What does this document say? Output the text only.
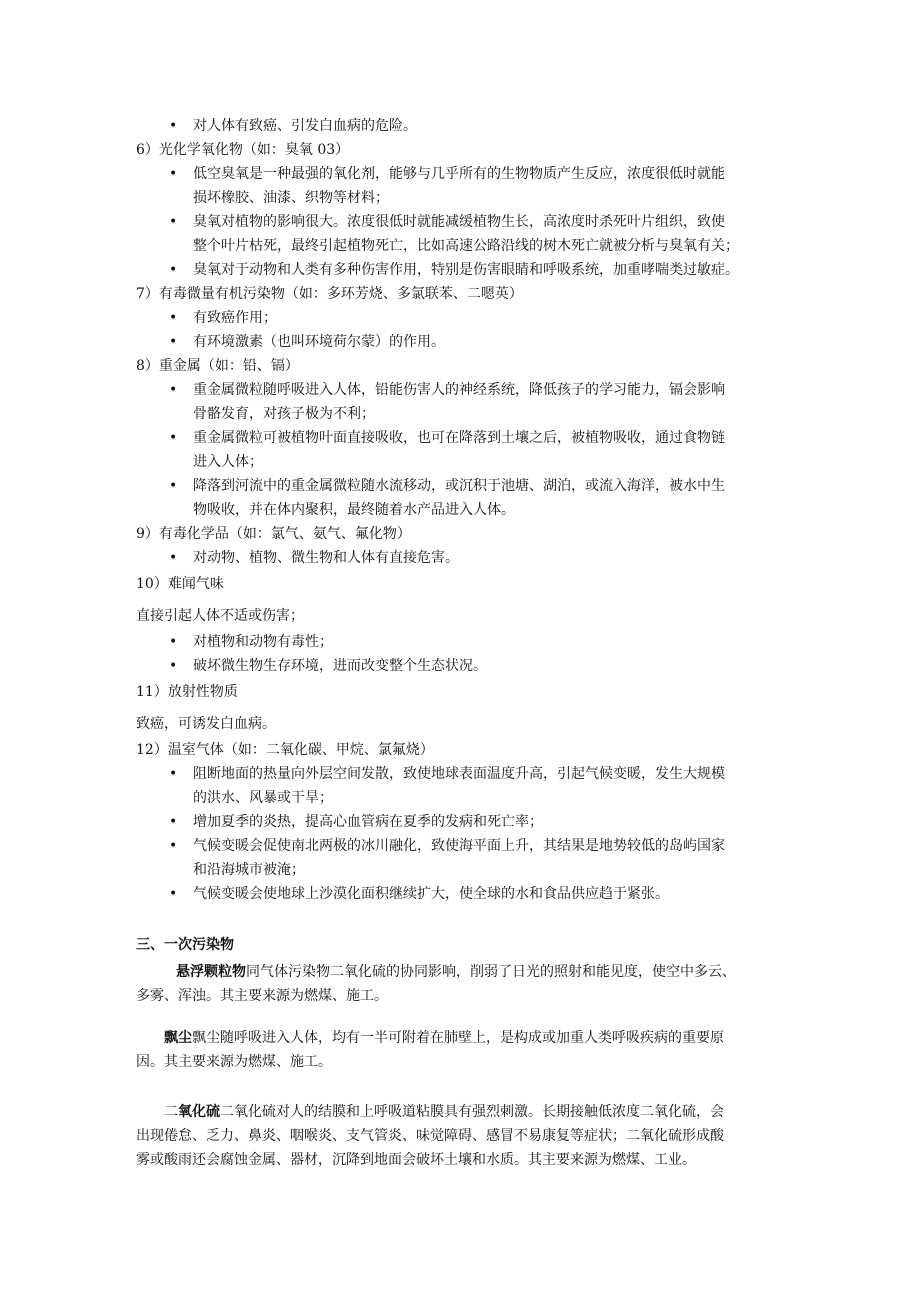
• 对人体有致癌、引发白血病的危险。
6）光化学氧化物（如：臭氧 03）
• 低空臭氧是一种最强的氧化剂，能够与几乎所有的生物物质产生反应，浓度很低时就能
损坏橡胶、油漆、织物等材料；
• 臭氧对植物的影响很大。浓度很低时就能减缓植物生长，高浓度时杀死叶片组织，致使
整个叶片枯死，最终引起植物死亡，比如高速公路沿线的树木死亡就被分析与臭氧有关；
• 臭氧对于动物和人类有多种伤害作用，特别是伤害眼睛和呼吸系统，加重哮喘类过敏症。
7）有毒微量有机污染物（如：多环芳烧、多氯联苯、二嗯英）
• 有致癌作用；
• 有环境激素（也叫环境荷尔蒙）的作用。
8）重金属（如：铅、镉）
• 重金属微粒随呼吸进入人体，铅能伤害人的神经系统，降低孩子的学习能力，镉会影响
骨骼发育，对孩子极为不利；
• 重金属微粒可被植物叶面直接吸收，也可在降落到土壤之后，被植物吸收，通过食物链
进入人体；
• 降落到河流中的重金属微粒随水流移动，或沉积于池塘、湖泊，或流入海洋，被水中生
物吸收，并在体内聚积，最终随着水产品进入人体。
9）有毒化学品（如：氯气、氨气、氟化物）
• 对动物、植物、微生物和人体有直接危害。
10）难闻气味
直接引起人体不适或伤害；
• 对植物和动物有毒性；
• 破坏微生物生存环境，进而改变整个生态状况。
11）放射性物质
致癌，可诱发白血病。
12）温室气体（如：二氧化碳、甲烷、氯氟烧）
• 阻断地面的热量向外层空间发散，致使地球表面温度升高，引起气候变暖，发生大规模
的洪水、风暴或干旱；
• 增加夏季的炎热，提高心血管病在夏季的发病和死亡率；
• 气候变暖会促使南北两极的冰川融化，致使海平面上升，其结果是地势较低的岛屿国家
和沿海城市被淹；
• 气候变暖会使地球上沙漠化面积继续扩大，使全球的水和食品供应趋于紧张。
三、一次污染物
悬浮颗粒物同气体污染物二氧化硫的协同影响，削弱了日光的照射和能见度，使空中多云、
多雾、浑浊。其主要来源为燃煤、施工。
飘尘飘尘随呼吸进入人体，均有一半可附着在肺壁上，是构成或加重人类呼吸疾病的重要原
因。其主要来源为燃煤、施工。
二氧化硫二氧化硫对人的结膜和上呼吸道粘膜具有强烈刺激。长期接触低浓度二氧化硫，会
出现倦怠、乏力、鼻炎、咽喉炎、支气管炎、味觉障碍、感冒不易康复等症状；二氧化硫形成酸
雾或酸雨还会腐蚀金属、器材，沉降到地面会破坏土壤和水质。其主要来源为燃煤、工业。
